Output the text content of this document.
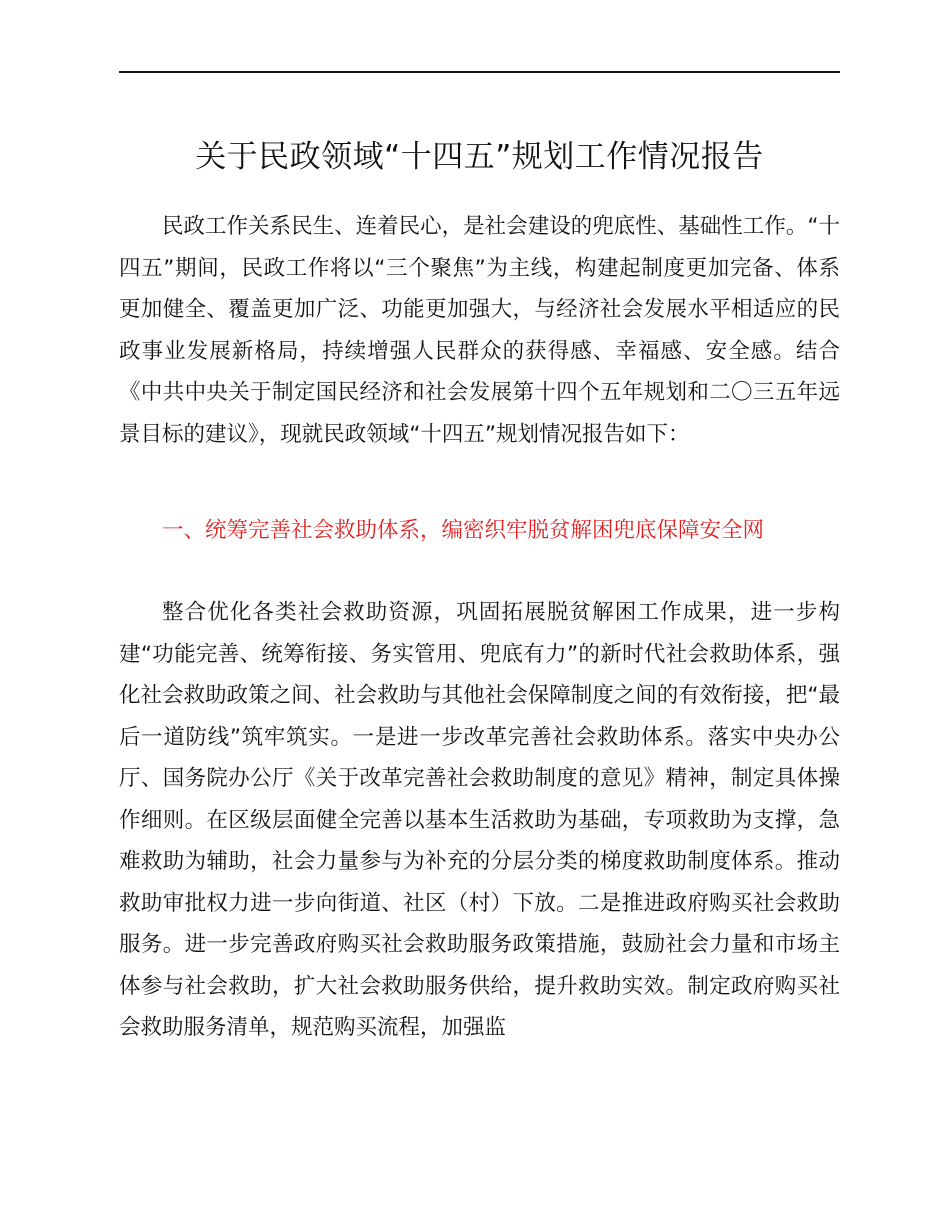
关于民政领域“十四五”规划工作情况报告

民政工作关系民生、连着民心，是社会建设的兜底性、基础性工作。“十四五”期间，民政工作将以“三个聚焦”为主线，构建起制度更加完备、体系更加健全、覆盖更加广泛、功能更加强大，与经济社会发展水平相适应的民政事业发展新格局，持续增强人民群众的获得感、幸福感、安全感。结合《中共中央关于制定国民经济和社会发展第十四个五年规划和二〇三五年远景目标的建议》，现就民政领域“十四五”规划情况报告如下：

一、统筹完善社会救助体系，编密织牢脱贫解困兜底保障安全网

整合优化各类社会救助资源，巩固拓展脱贫解困工作成果，进一步构建“功能完善、统筹衔接、务实管用、兜底有力”的新时代社会救助体系，强化社会救助政策之间、社会救助与其他社会保障制度之间的有效衔接，把“最后一道防线”筑牢筑实。一是进一步改革完善社会救助体系。落实中央办公厅、国务院办公厅《关于改革完善社会救助制度的意见》精神，制定具体操作细则。在区级层面健全完善以基本生活救助为基础，专项救助为支撑，急难救助为辅助，社会力量参与为补充的分层分类的梯度救助制度体系。推动救助审批权力进一步向街道、社区（村）下放。二是推进政府购买社会救助服务。进一步完善政府购买社会救助服务政策措施，鼓励社会力量和市场主体参与社会救助，扩大社会救助服务供给，提升救助实效。制定政府购买社会救助服务清单，规范购买流程，加强监
